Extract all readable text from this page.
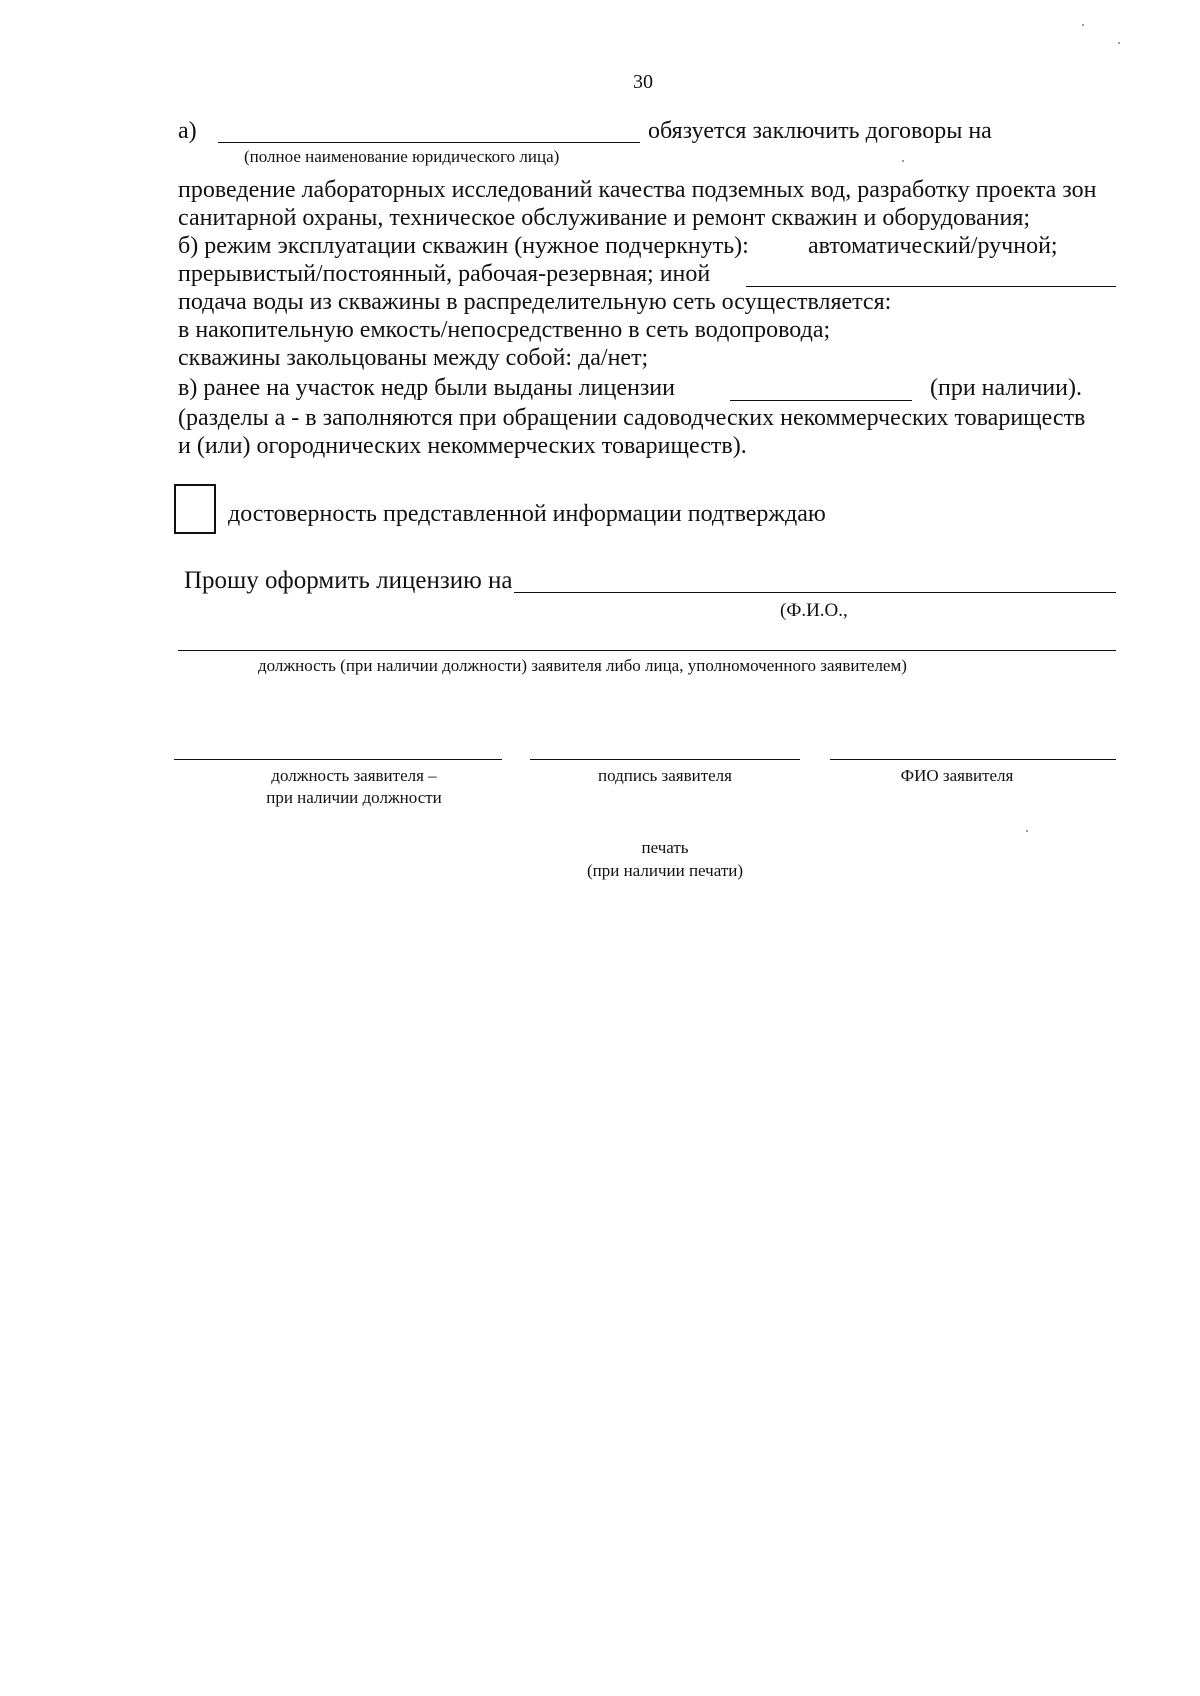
30
а)	обязуется заключить договоры на
(полное наименование юридического лица)
проведение лабораторных исследований качества подземных вод, разработку проекта зон
санитарной охраны, техническое обслуживание и ремонт скважин и оборудования;
б) режим эксплуатации скважин (нужное подчеркнуть): автоматический/ручной;
прерывистый/постоянный, рабочая-резервная; иной
подача воды из скважины в распределительную сеть осуществляется:
в накопительную емкость/непосредственно в сеть водопровода;
скважины закольцованы между собой: да/нет;
в) ранее на участок недр были выданы лицензии	(при наличии).
(разделы а - в заполняются при обращении садоводческих некоммерческих товариществ
и (или) огороднических некоммерческих товариществ).
достоверность представленной информации подтверждаю
Прошу оформить лицензию на
(Ф.И.О.,
должность (при наличии должности) заявителя либо лица, уполномоченного заявителем)
должность заявителя –
при наличии должности
подпись заявителя	ФИО заявителя
печать
(при наличии печати)
